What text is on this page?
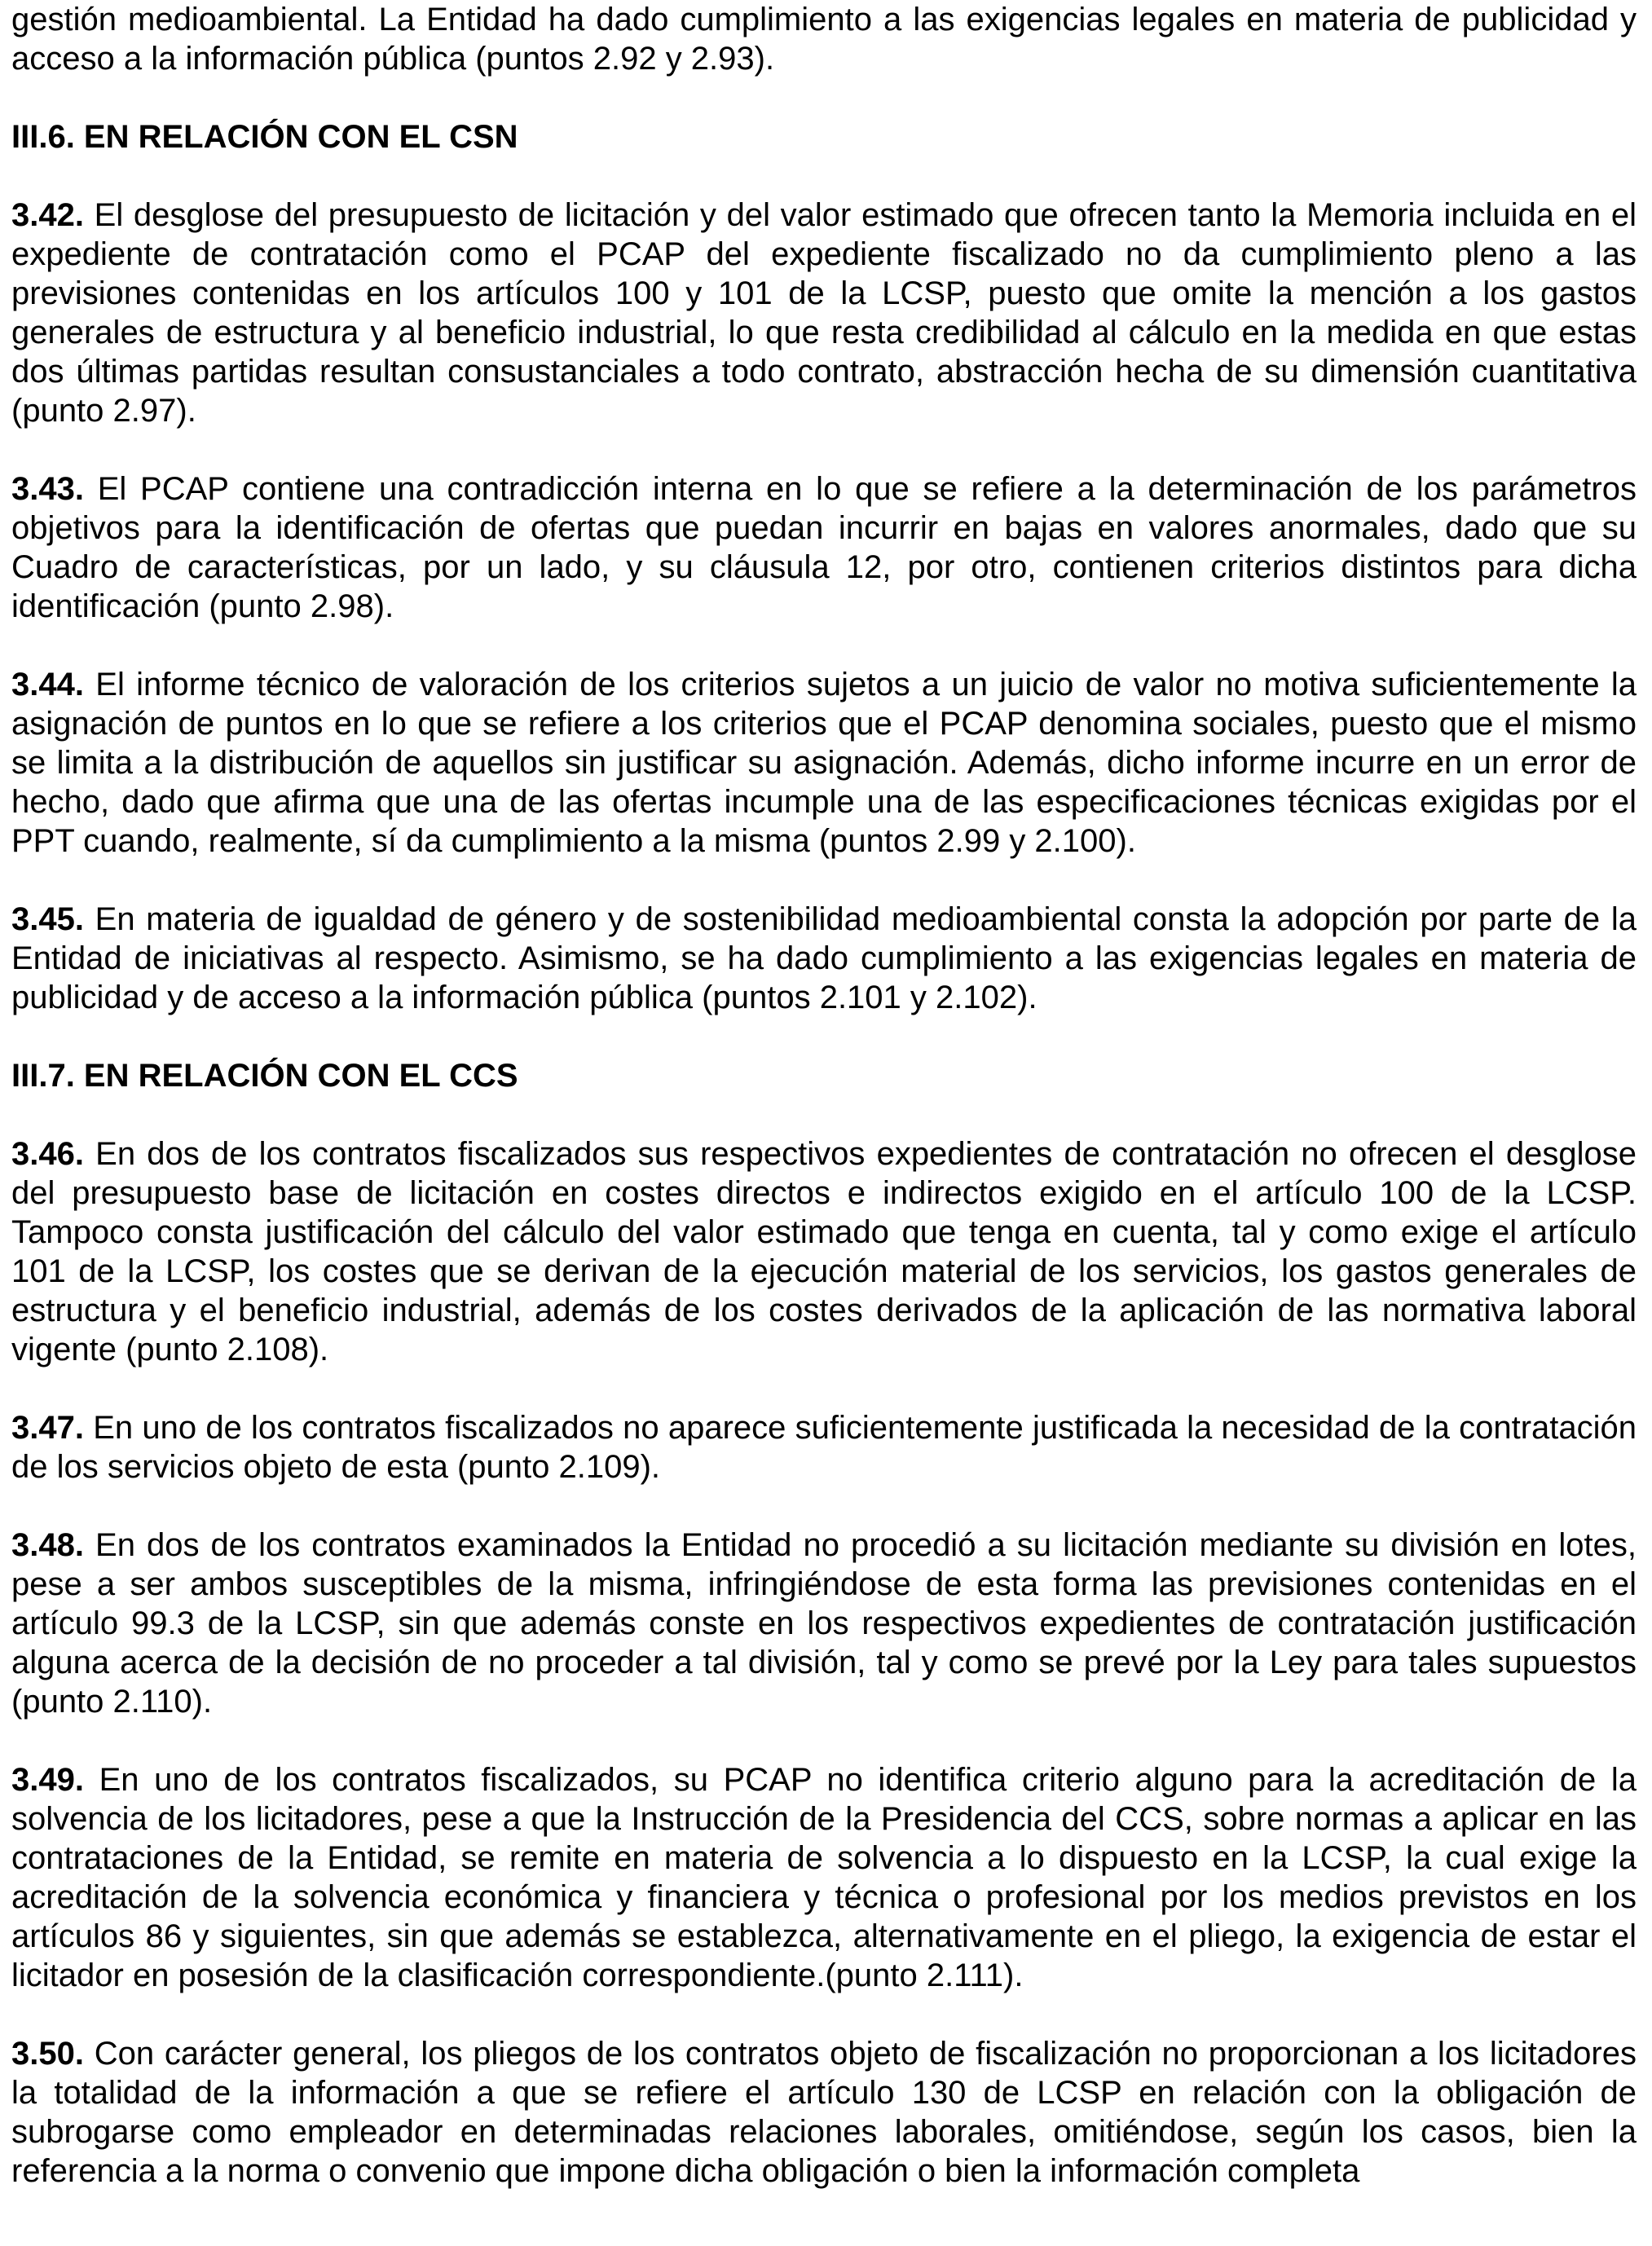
gestión medioambiental. La Entidad ha dado cumplimiento a las exigencias legales en materia de publicidad y acceso a la información pública (puntos 2.92 y 2.93).

III.6. EN RELACIÓN CON EL CSN

3.42. El desglose del presupuesto de licitación y del valor estimado que ofrecen tanto la Memoria incluida en el expediente de contratación como el PCAP del expediente fiscalizado no da cumplimiento pleno a las previsiones contenidas en los artículos 100 y 101 de la LCSP, puesto que omite la mención a los gastos generales de estructura y al beneficio industrial, lo que resta credibilidad al cálculo en la medida en que estas dos últimas partidas resultan consustanciales a todo contrato, abstracción hecha de su dimensión cuantitativa (punto 2.97).

3.43. El PCAP contiene una contradicción interna en lo que se refiere a la determinación de los parámetros objetivos para la identificación de ofertas que puedan incurrir en bajas en valores anormales, dado que su Cuadro de características, por un lado, y su cláusula 12, por otro, contienen criterios distintos para dicha identificación (punto 2.98).

3.44. El informe técnico de valoración de los criterios sujetos a un juicio de valor no motiva suficientemente la asignación de puntos en lo que se refiere a los criterios que el PCAP denomina sociales, puesto que el mismo se limita a la distribución de aquellos sin justificar su asignación. Además, dicho informe incurre en un error de hecho, dado que afirma que una de las ofertas incumple una de las especificaciones técnicas exigidas por el PPT cuando, realmente, sí da cumplimiento a la misma (puntos 2.99 y 2.100).

3.45. En materia de igualdad de género y de sostenibilidad medioambiental consta la adopción por parte de la Entidad de iniciativas al respecto. Asimismo, se ha dado cumplimiento a las exigencias legales en materia de publicidad y de acceso a la información pública (puntos 2.101 y 2.102).

III.7. EN RELACIÓN CON EL CCS

3.46. En dos de los contratos fiscalizados sus respectivos expedientes de contratación no ofrecen el desglose del presupuesto base de licitación en costes directos e indirectos exigido en el artículo 100 de la LCSP. Tampoco consta justificación del cálculo del valor estimado que tenga en cuenta, tal y como exige el artículo 101 de la LCSP, los costes que se derivan de la ejecución material de los servicios, los gastos generales de estructura y el beneficio industrial, además de los costes derivados de la aplicación de las normativa laboral vigente (punto 2.108).

3.47. En uno de los contratos fiscalizados no aparece suficientemente justificada la necesidad de la contratación de los servicios objeto de esta (punto 2.109).

3.48. En dos de los contratos examinados la Entidad no procedió a su licitación mediante su división en lotes, pese a ser ambos susceptibles de la misma, infringiéndose de esta forma las previsiones contenidas en el artículo 99.3 de la LCSP, sin que además conste en los respectivos expedientes de contratación justificación alguna acerca de la decisión de no proceder a tal división, tal y como se prevé por la Ley para tales supuestos (punto 2.110).

3.49. En uno de los contratos fiscalizados, su PCAP no identifica criterio alguno para la acreditación de la solvencia de los licitadores, pese a que la Instrucción de la Presidencia del CCS, sobre normas a aplicar en las contrataciones de la Entidad, se remite en materia de solvencia a lo dispuesto en la LCSP, la cual exige la acreditación de la solvencia económica y financiera y técnica o profesional por los medios previstos en los artículos 86 y siguientes, sin que además se establezca, alternativamente en el pliego, la exigencia de estar el licitador en posesión de la clasificación correspondiente.(punto 2.111).

3.50. Con carácter general, los pliegos de los contratos objeto de fiscalización no proporcionan a los licitadores la totalidad de la información a que se refiere el artículo 130 de LCSP en relación con la obligación de subrogarse como empleador en determinadas relaciones laborales, omitiéndose, según los casos, bien la referencia a la norma o convenio que impone dicha obligación o bien la información completa
